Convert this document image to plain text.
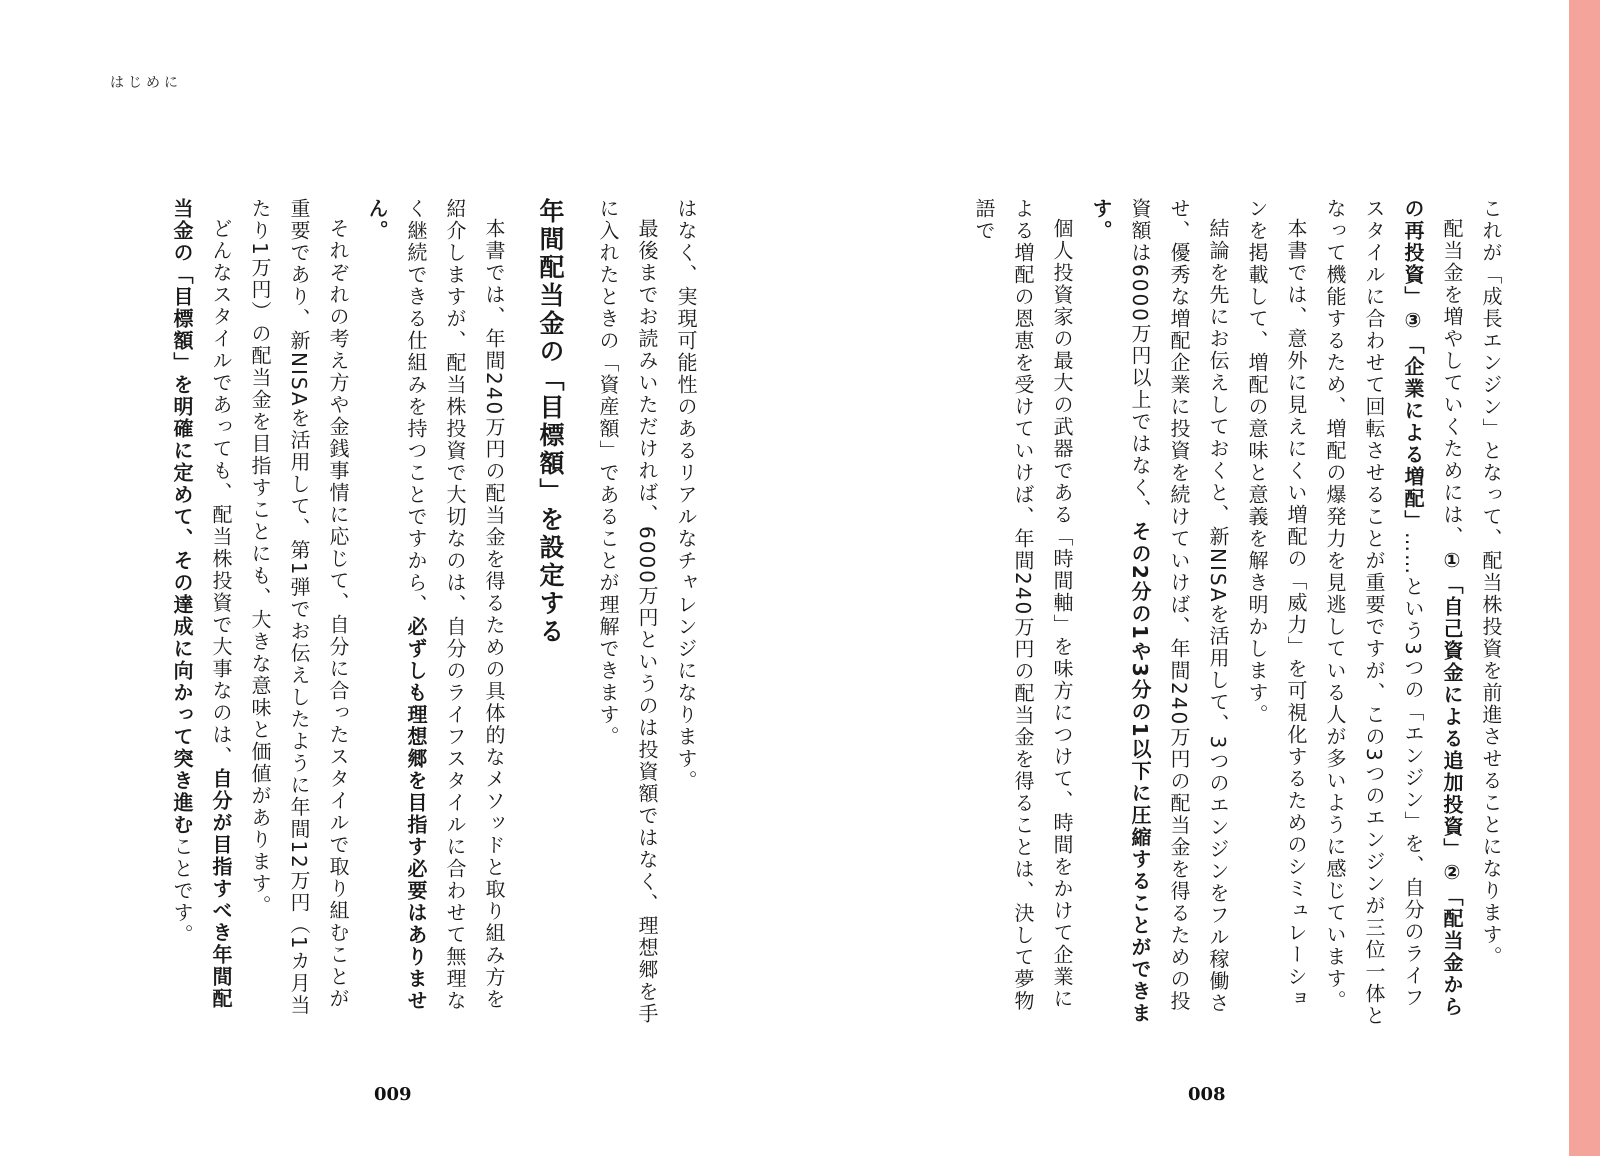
はじめに

これが「成長エンジン」となって、配当株投資を前進させることになります。

配当金を増やしていくためには、①「自己資金による追加投資」②「配当金からの再投資」③「企業による増配」……という3つの「エンジン」を、自分のライフスタイルに合わせて回転させることが重要ですが、この3つのエンジンが三位一体となって機能するため、増配の爆発力を見逃している人が多いように感じています。

本書では、意外に見えにくい増配の「威力」を可視化するためのシミュレーションを掲載して、増配の意味と意義を解き明かします。

結論を先にお伝えしておくと、新NISAを活用して、3つのエンジンをフル稼働させ、優秀な増配企業に投資を続けていけば、年間240万円の配当金を得るための投資額は6000万円以上ではなく、その2分の1や3分の1以下に圧縮することができます。

個人投資家の最大の武器である「時間軸」を味方につけて、時間をかけて企業による増配の恩恵を受けていけば、年間240万円の配当金を得ることは、決して夢物語で

はなく、実現可能性のあるリアルなチャレンジになります。

最後までお読みいただければ、6000万円というのは投資額ではなく、理想郷を手に入れたときの「資産額」であることが理解できます。

年間配当金の「目標額」を設定する

本書では、年間240万円の配当金を得るための具体的なメソッドと取り組み方を紹介しますが、配当株投資で大切なのは、自分のライフスタイルに合わせて無理なく継続できる仕組みを持つことですから、必ずしも理想郷を目指す必要はありません。

それぞれの考え方や金銭事情に応じて、自分に合ったスタイルで取り組むことが重要であり、新NISAを活用して、第1弾でお伝えしたように年間12万円（1カ月当たり1万円）の配当金を目指すことにも、大きな意味と価値があります。

どんなスタイルであっても、配当株投資で大事なのは、自分が目指すべき年間配当金の「目標額」を明確に定めて、その達成に向かって突き進むことです。

009	008
